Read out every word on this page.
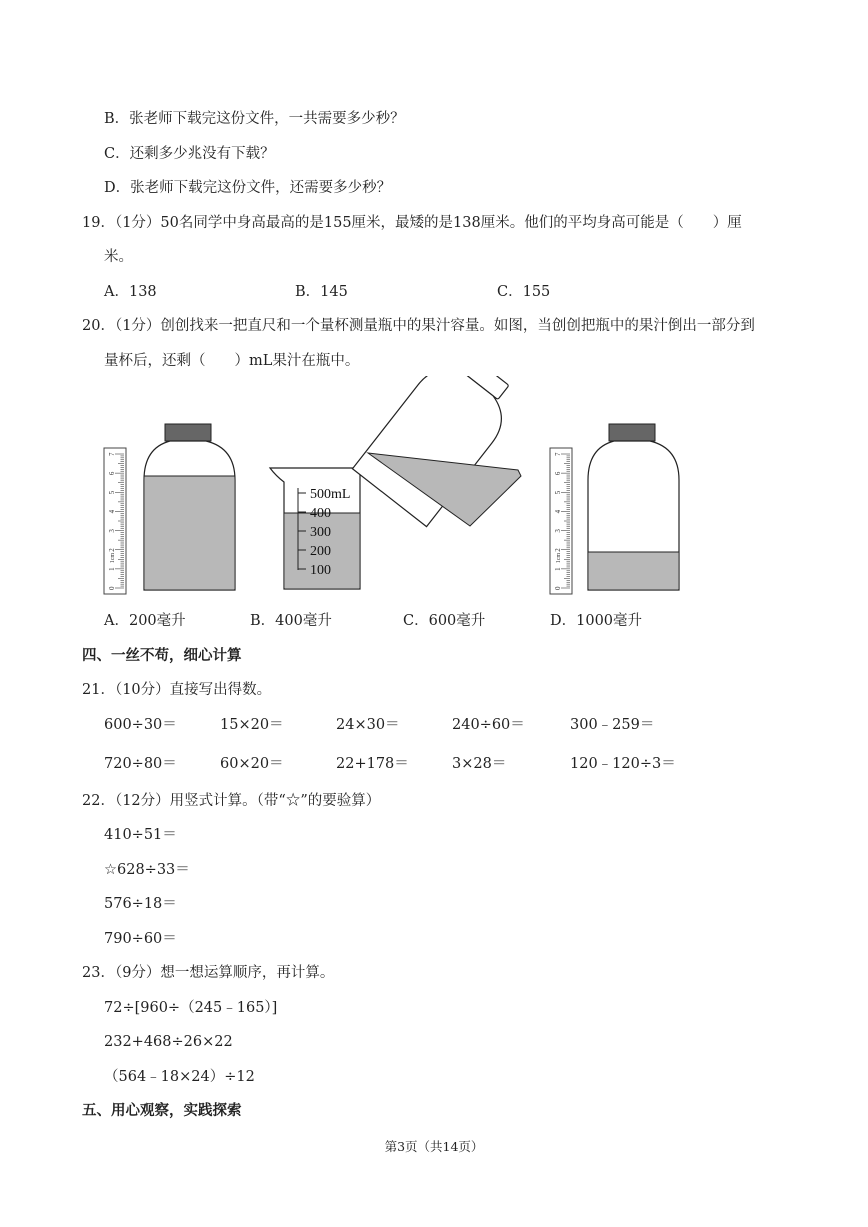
B．张老师下载完这份文件，一共需要多少秒？
C．还剩多少兆没有下载？
D．张老师下载完这份文件，还需要多少秒？
19．（1分）50名同学中身高最高的是155厘米，最矮的是138厘米。他们的平均身高可能是（　　）厘
米。
A．138	B．145	C．155
20．（1分）创创找来一把直尺和一个量杯测量瓶中的果汁容量。如图，当创创把瓶中的果汁倒出一部分到
量杯后，还剩（　　）mL果汁在瓶中。
7
6
5
4
3
2
1
0
1cm
500mL
400
300
200
100
7
6
5
4
3
2
1
0
1cm
A．200毫升	B．400毫升	C．600毫升	D．1000毫升
四、一丝不苟，细心计算
21．（10分）直接写出得数。
600÷30＝	15×20＝	24×30＝	240÷60＝	300﹣259＝
720÷80＝	60×20＝	22+178＝	3×28＝	120﹣120÷3＝
22．（12分）用竖式计算。（带“☆”的要验算）
410÷51＝
☆628÷33＝
576÷18＝
790÷60＝
23．（9分）想一想运算顺序，再计算。
72÷[960÷（245﹣165）]
232+468÷26×22
（564﹣18×24）÷12
五、用心观察，实践探索
第3页（共14页）
